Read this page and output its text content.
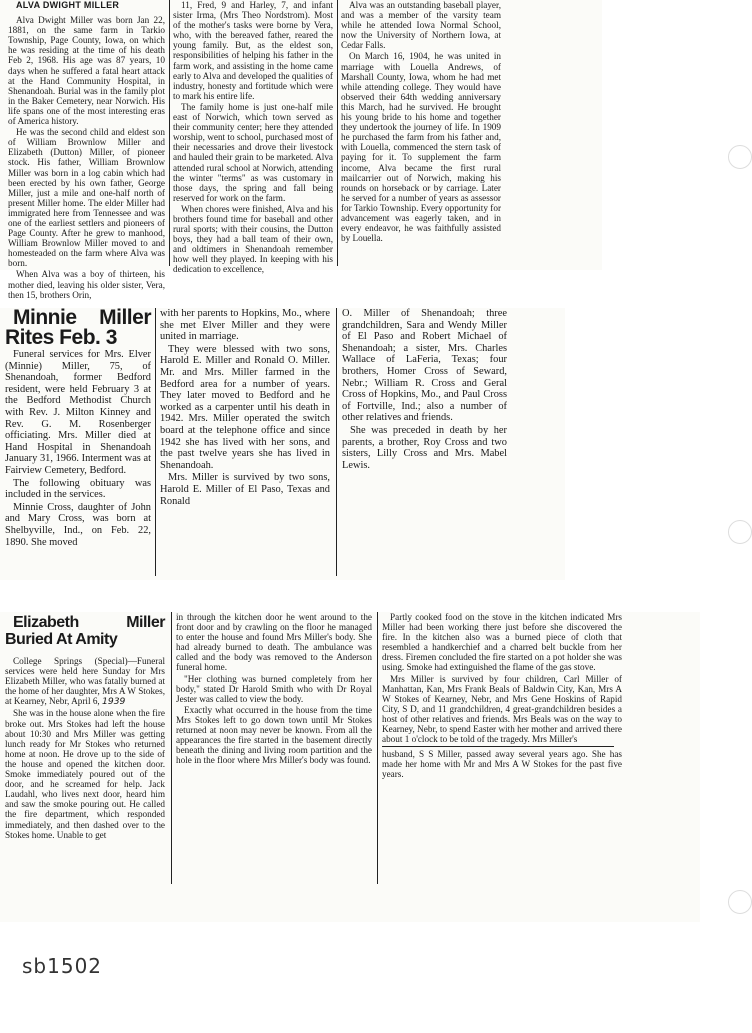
ALVA DWIGHT MILLER

Alva Dwight Miller was born Jan 22, 1881, on the same farm in Tarkio Township, Page County, Iowa, on which he was residing at the time of his death Feb 2, 1968. His age was 87 years, 10 days when he suffered a fatal heart attack at the Hand Community Hospital, in Shenandoah. Burial was in the family plot in the Baker Cemetery, near Norwich. His life spans one of the most interesting eras of America history.

He was the second child and eldest son of William Brownlow Miller and Elizabeth (Dutton) Miller, of pioneer stock. His father, William Brownlow Miller was born in a log cabin which had been erected by his own father, George Miller, just a mile and one-half north of present Miller home. The elder Miller had immigrated here from Tennessee and was one of the earliest settlers and pioneers of Page County. After he grew to manhood, William Brownlow Miller moved to and homesteaded on the farm where Alva was born.

When Alva was a boy of thirteen, his mother died, leaving his older sister, Vera, then 15, brothers Orin,

11, Fred, 9 and Harley, 7, and infant sister Irma, (Mrs Theo Nordstrom). Most of the mother's tasks were borne by Vera, who, with the bereaved father, reared the young family. But, as the eldest son, responsibilities of helping his father in the farm work, and assisting in the home came early to Alva and developed the qualities of industry, honesty and fortitude which were to mark his entire life.

The family home is just one-half mile east of Norwich, which town served as their community center; here they attended worship, went to school, purchased most of their necessaries and drove their livestock and hauled their grain to be marketed. Alva attended rural school at Norwich, attending the winter "terms" as was customary in those days, the spring and fall being reserved for work on the farm.

When chores were finished, Alva and his brothers found time for baseball and other rural sports; with their cousins, the Dutton boys, they had a ball team of their own, and oldtimers in Shenandoah remember how well they played. In keeping with his dedication to excellence,

Alva was an outstanding baseball player, and was a member of the varsity team while he attended Iowa Normal School, now the University of Northern Iowa, at Cedar Falls.

On March 16, 1904, he was united in marriage with Louella Andrews, of Marshall County, Iowa, whom he had met while attending college. They would have observed their 64th wedding anniversary this March, had he survived. He brought his young bride to his home and together they undertook the journey of life. In 1909 he purchased the farm from his father and, with Louella, commenced the stern task of paying for it. To supplement the farm income, Alva became the first rural mailcarrier out of Norwich, making his rounds on horseback or by carriage. Later he served for a number of years as assessor for Tarkio Township. Every opportunity for advancement was eagerly taken, and in every endeavor, he was faithfully assisted by Louella.

Minnie Miller Rites Feb. 3

Funeral services for Mrs. Elver (Minnie) Miller, 75, of Shenandoah, former Bedford resident, were held February 3 at the Bedford Methodist Church with Rev. J. Milton Kinney and Rev. G. M. Rosenberger officiating. Mrs. Miller died at Hand Hospital in Shenandoah January 31, 1966. Interment was at Fairview Cemetery, Bedford.

The following obituary was included in the services.

Minnie Cross, daughter of John and Mary Cross, was born at Shelbyville, Ind., on Feb. 22, 1890. She moved

with her parents to Hopkins, Mo., where she met Elver Miller and they were united in marriage.

They were blessed with two sons, Harold E. Miller and Ronald O. Miller. Mr. and Mrs. Miller farmed in the Bedford area for a number of years. They later moved to Bedford and he worked as a carpenter until his death in 1942. Mrs. Miller operated the switch board at the telephone office and since 1942 she has lived with her sons, and the past twelve years she has lived in Shenandoah.

Mrs. Miller is survived by two sons, Harold E. Miller of El Paso, Texas and Ronald

O. Miller of Shenandoah; three grandchildren, Sara and Wendy Miller of El Paso and Robert Michael of Shenandoah; a sister, Mrs. Charles Wallace of LaFeria, Texas; four brothers, Homer Cross of Seward, Nebr.; William R. Cross and Geral Cross of Hopkins, Mo., and Paul Cross of Fortville, Ind.; also a number of other relatives and friends.

She was preceded in death by her parents, a brother, Roy Cross and two sisters, Lilly Cross and Mrs. Mabel Lewis.

Elizabeth Miller Buried At Amity

College Springs (Special)—Funeral services were held here Sunday for Mrs Elizabeth Miller, who was fatally burned at the home of her daughter, Mrs A W Stokes, at Kearney, Nebr, April 6, 1939

She was in the house alone when the fire broke out. Mrs Stokes had left the house about 10:30 and Mrs Miller was getting lunch ready for Mr Stokes who returned home at noon. He drove up to the side of the house and opened the kitchen door. Smoke immediately poured out of the door, and he screamed for help. Jack Laudahl, who lives next door, heard him and saw the smoke pouring out. He called the fire department, which responded immediately, and then dashed over to the Stokes home. Unable to get

in through the kitchen door he went around to the front door and by crawling on the floor he managed to enter the house and found Mrs Miller's body. She had already burned to death. The ambulance was called and the body was removed to the Anderson funeral home.

"Her clothing was burned completely from her body," stated Dr Harold Smith who with Dr Royal Jester was called to view the body.

Exactly what occurred in the house from the time Mrs Stokes left to go down town until Mr Stokes returned at noon may never be known. From all the appearances the fire started in the basement directly beneath the dining and living room partition and the hole in the floor where Mrs Miller's body was found.

Partly cooked food on the stove in the kitchen indicated Mrs Miller had been working there just before she discovered the fire. In the kitchen also was a burned piece of cloth that resembled a handkerchief and a charred belt buckle from her dress. Firemen concluded the fire started on a pot holder she was using. Smoke had extinguished the flame of the gas stove.

Mrs Miller is survived by four children, Carl Miller of Manhattan, Kan, Mrs Frank Beals of Baldwin City, Kan, Mrs A W Stokes of Kearney, Nebr, and Mrs Gene Hoskins of Rapid City, S D, and 11 grandchildren, 4 great-grandchildren besides a host of other relatives and friends. Mrs Beals was on the way to Kearney, Nebr, to spend Easter with her mother and arrived there about 1 o'clock to be told of the tragedy. Mrs Miller's

husband, S S Miller, passed away several years ago. She has made her home with Mr and Mrs A W Stokes for the past five years.

sb1502
